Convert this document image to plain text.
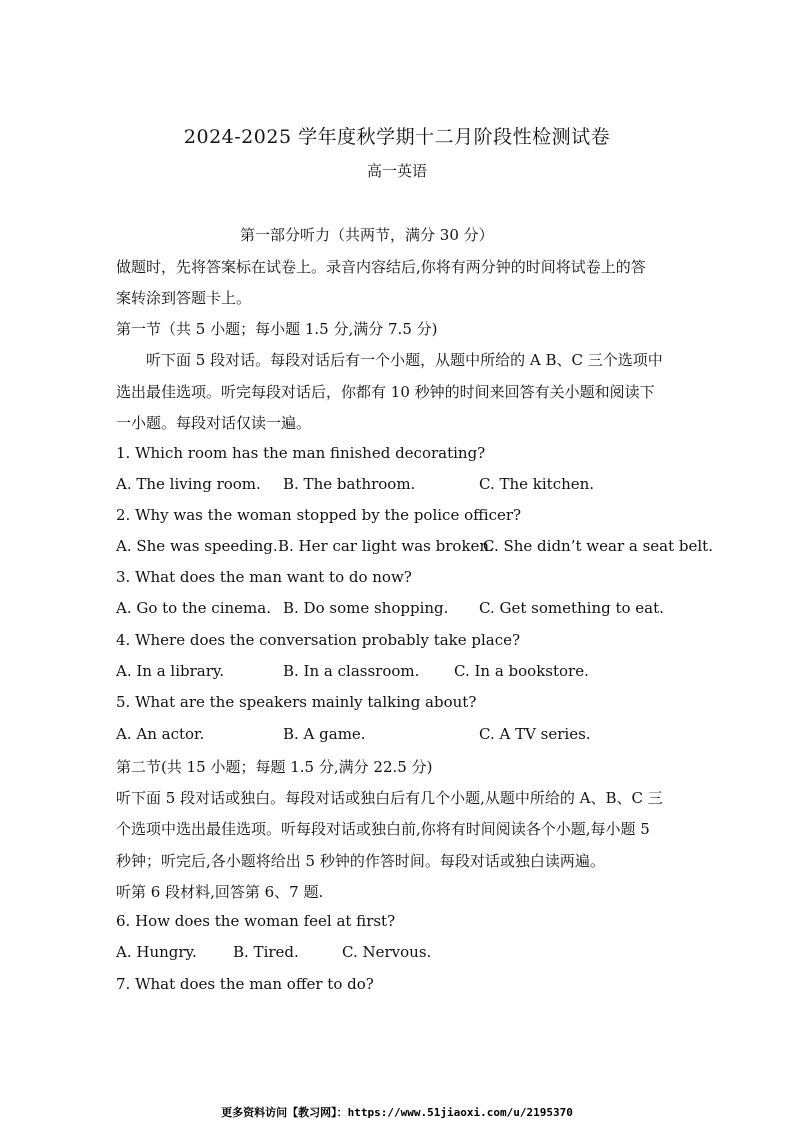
2024-2025 学年度秋学期十二月阶段性检测试卷
高一英语
第一部分听力（共两节，满分 30 分）
做题时，先将答案标在试卷上。录音内容结后,你将有两分钟的时间将试卷上的答
案转涂到答题卡上。
第一节（共 5 小题；每小题 1.5 分,满分 7.5 分)
听下面 5 段对话。每段对话后有一个小题，从题中所给的 A B、C 三个选项中
选出最佳选项。听完每段对话后，你都有 10 秒钟的时间来回答有关小题和阅读下
一小题。每段对话仅读一遍。
1. Which room has the man finished decorating?
A. The living room. B. The bathroom.	C. The kitchen.
2. Why was the woman stopped by the police officer?
A. She was speeding. B. Her car light was broken.
C. She didn’t wear a seat belt.
3. What does the man want to do now?
A. Go to the cinema. B. Do some shopping. C. Get something to eat.
4. Where does the conversation probably take place?
A. In a library.	B. In a classroom. C. In a bookstore.
5. What are the speakers mainly talking about?
A. An actor.	B. A game.	C. A TV series.
第二节(共 15 小题；每题 1.5 分,满分 22.5 分)
听下面 5 段对话或独白。每段对话或独白后有几个小题,从题中所给的 A、B、C 三
个选项中选出最佳选项。听每段对话或独白前,你将有时间阅读各个小题,每小题 5
秒钟；听完后,各小题将给出 5 秒钟的作答时间。每段对话或独白读两遍。
听第 6 段材料,回答第 6、7 题.
6. How does the woman feel at first?
A. Hungry. B. Tired.	C. Nervous.
7. What does the man offer to do?
更多资料访问【教习网】：https://www.51jiaoxi.com/u/2195370
